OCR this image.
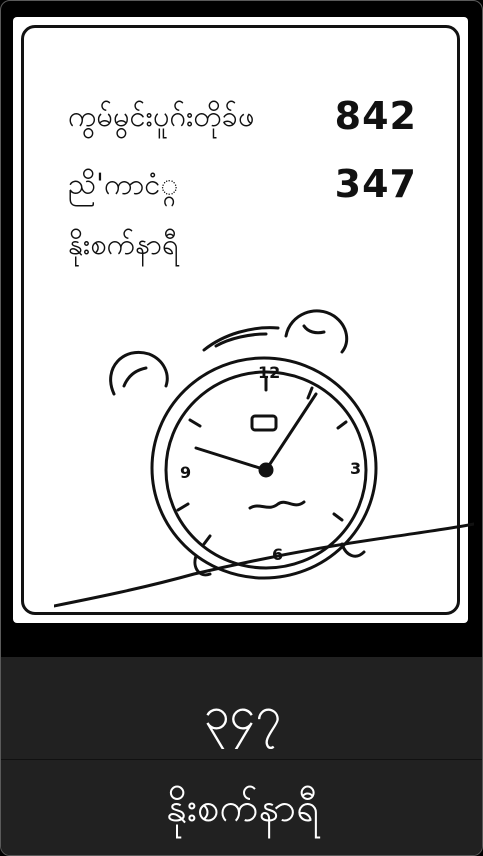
ကွမ်မွင်းပူဂ်းတိုခ်ဖ 842
ညိ'ကာငံ္ဂ	347
နိုးစက်နာရီ
12
3
6
9
၃၄၇
နိုးစက်နာရီ
